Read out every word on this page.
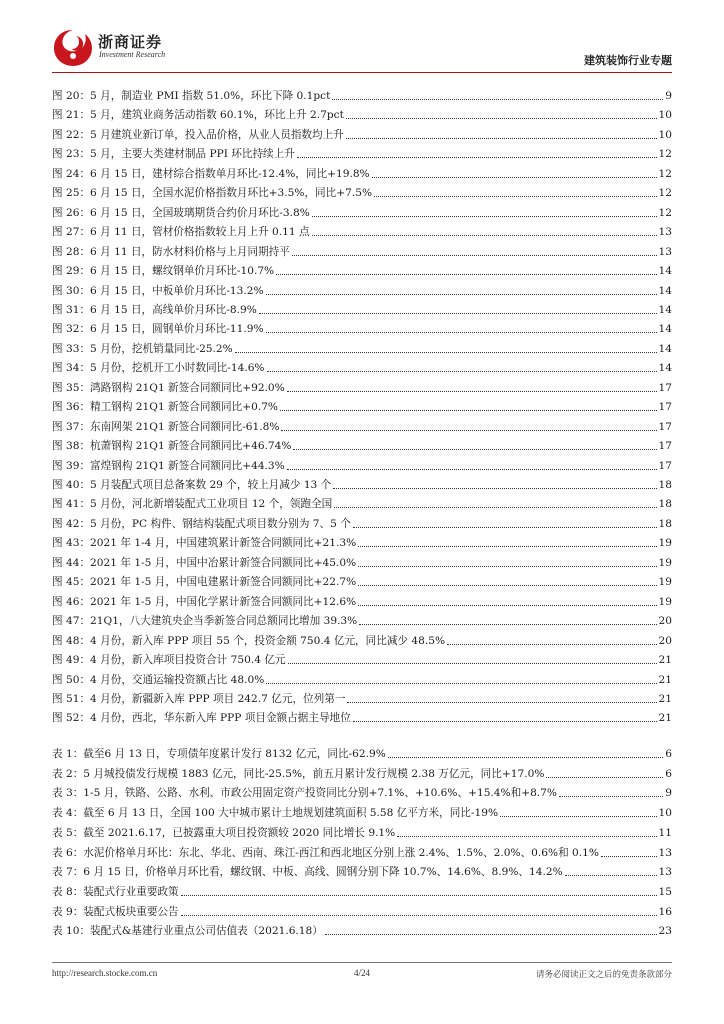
浙商证券
Investment Research	建筑装饰行业专题
图 20：5 月，制造业 PMI 指数 51.0%，环比下降 0.1pct	9
图 21：5 月，建筑业商务活动指数 60.1%，环比上升 2.7pct	10
图 22：5 月建筑业新订单，投入品价格，从业人员指数均上升	10
图 23：5 月，主要大类建材制品 PPI 环比持续上升	12
图 24：6 月 15 日，建材综合指数单月环比-12.4%，同比+19.8%	12
图 25：6 月 15 日，全国水泥价格指数月环比+3.5%，同比+7.5%	12
图 26：6 月 15 日，全国玻璃期货合约价月环比-3.8%	12
图 27：6 月 11 日，管材价格指数较上月上升 0.11 点	13
图 28：6 月 11 日，防水材料价格与上月同期持平	13
图 29：6 月 15 日，螺纹钢单价月环比-10.7%	14
图 30：6 月 15 日，中板单价月环比-13.2%	14
图 31：6 月 15 日，高线单价月环比-8.9%	14
图 32：6 月 15 日，圆钢单价月环比-11.9%	14
图 33：5 月份，挖机销量同比-25.2%	14
图 34：5 月份，挖机开工小时数同比-14.6%	14
图 35：鸿路钢构 21Q1 新签合同额同比+92.0%	17
图 36：精工钢构 21Q1 新签合同额同比+0.7%	17
图 37：东南网架 21Q1 新签合同额同比-61.8%	17
图 38：杭萧钢构 21Q1 新签合同额同比+46.74%	17
图 39：富煌钢构 21Q1 新签合同额同比+44.3%	17
图 40：5 月装配式项目总备案数 29 个，较上月减少 13 个	18
图 41：5 月份，河北新增装配式工业项目 12 个，领跑全国	18
图 42：5 月份，PC 构件、钢结构装配式项目数分别为 7、5 个	18
图 43：2021 年 1-4 月，中国建筑累计新签合同额同比+21.3%	19
图 44：2021 年 1-5 月，中国中冶累计新签合同额同比+45.0%	19
图 45：2021 年 1-5 月，中国电建累计新签合同额同比+22.7%	19
图 46：2021 年 1-5 月，中国化学累计新签合同额同比+12.6%	19
图 47：21Q1，八大建筑央企当季新签合同总额同比增加 39.3%	20
图 48：4 月份，新入库 PPP 项目 55 个，投资金额 750.4 亿元，同比减少 48.5%	20
图 49：4 月份，新入库项目投资合计 750.4 亿元	21
图 50：4 月份，交通运输投资额占比 48.0%	21
图 51：4 月份，新疆新入库 PPP 项目 242.7 亿元，位列第一	21
图 52：4 月份，西北，华东新入库 PPP 项目金额占据主导地位	21
表 1：截至6 月 13 日，专项债年度累计发行 8132 亿元，同比-62.9%	6
表 2：5 月城投债发行规模 1883 亿元，同比-25.5%，前五月累计发行规模 2.38 万亿元，同比+17.0%	6
表 3：1-5 月，铁路、公路、水利、市政公用固定资产投资同比分别+7.1%、+10.6%、+15.4%和+8.7%	9
表 4：截至 6 月 13 日，全国 100 大中城市累计土地规划建筑面积 5.58 亿平方米，同比-19%	10
表 5：截至 2021.6.17，已披露重大项目投资额较 2020 同比增长 9.1%	11
表 6：水泥价格单月环比：东北、华北、西南、珠江-西江和西北地区分别上涨 2.4%、1.5%、2.0%、0.6%和 0.1%	13
表 7：6 月 15 日，价格单月环比看，螺纹钢、中板、高线、圆钢分别下降 10.7%、14.6%、8.9%、14.2%	13
表 8：装配式行业重要政策	15
表 9：装配式板块重要公告	16
表 10：装配式&基建行业重点公司估值表（2021.6.18）	23
http://research.stocke.com.cn	4/24	请务必阅读正文之后的免责条款部分
